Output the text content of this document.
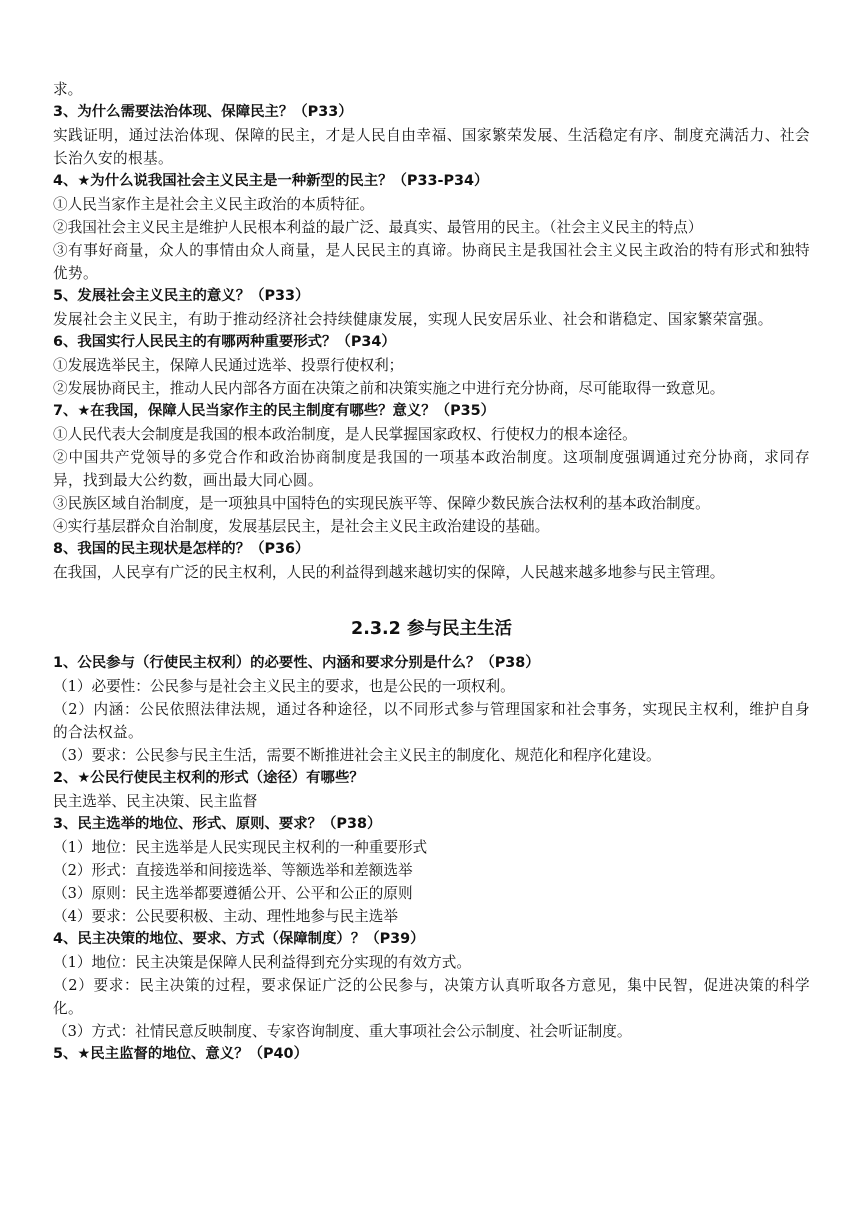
求。
3、为什么需要法治体现、保障民主？（P33）
实践证明，通过法治体现、保障的民主，才是人民自由幸福、国家繁荣发展、生活稳定有序、制度充满活力、社会长治久安的根基。
4、★为什么说我国社会主义民主是一种新型的民主？（P33-P34）
①人民当家作主是社会主义民主政治的本质特征。
②我国社会主义民主是维护人民根本利益的最广泛、最真实、最管用的民主。（社会主义民主的特点）
③有事好商量，众人的事情由众人商量，是人民民主的真谛。协商民主是我国社会主义民主政治的特有形式和独特优势。
5、发展社会主义民主的意义？（P33）
发展社会主义民主，有助于推动经济社会持续健康发展，实现人民安居乐业、社会和谐稳定、国家繁荣富强。
6、我国实行人民民主的有哪两种重要形式？（P34）
①发展选举民主，保障人民通过选举、投票行使权利；
②发展协商民主，推动人民内部各方面在决策之前和决策实施之中进行充分协商，尽可能取得一致意见。
7、★在我国，保障人民当家作主的民主制度有哪些？意义？（P35）
①人民代表大会制度是我国的根本政治制度，是人民掌握国家政权、行使权力的根本途径。
②中国共产党领导的多党合作和政治协商制度是我国的一项基本政治制度。这项制度强调通过充分协商，求同存异，找到最大公约数，画出最大同心圆。
③民族区域自治制度，是一项独具中国特色的实现民族平等、保障少数民族合法权利的基本政治制度。
④实行基层群众自治制度，发展基层民主，是社会主义民主政治建设的基础。
8、我国的民主现状是怎样的？（P36）
在我国，人民享有广泛的民主权利，人民的利益得到越来越切实的保障，人民越来越多地参与民主管理。
2.3.2 参与民主生活
1、公民参与（行使民主权利）的必要性、内涵和要求分别是什么？（P38）
（1）必要性：公民参与是社会主义民主的要求，也是公民的一项权利。
（2）内涵：公民依照法律法规，通过各种途径，以不同形式参与管理国家和社会事务，实现民主权利，维护自身的合法权益。
（3）要求：公民参与民主生活，需要不断推进社会主义民主的制度化、规范化和程序化建设。
2、★公民行使民主权利的形式（途径）有哪些？
民主选举、民主决策、民主监督
3、民主选举的地位、形式、原则、要求？（P38）
（1）地位：民主选举是人民实现民主权利的一种重要形式
（2）形式：直接选举和间接选举、等额选举和差额选举
（3）原则：民主选举都要遵循公开、公平和公正的原则
（4）要求：公民要积极、主动、理性地参与民主选举
4、民主决策的地位、要求、方式（保障制度）？（P39）
（1）地位：民主决策是保障人民利益得到充分实现的有效方式。
（2）要求：民主决策的过程，要求保证广泛的公民参与，决策方认真听取各方意见，集中民智，促进决策的科学化。
（3）方式：社情民意反映制度、专家咨询制度、重大事项社会公示制度、社会听证制度。
5、★民主监督的地位、意义？（P40）
